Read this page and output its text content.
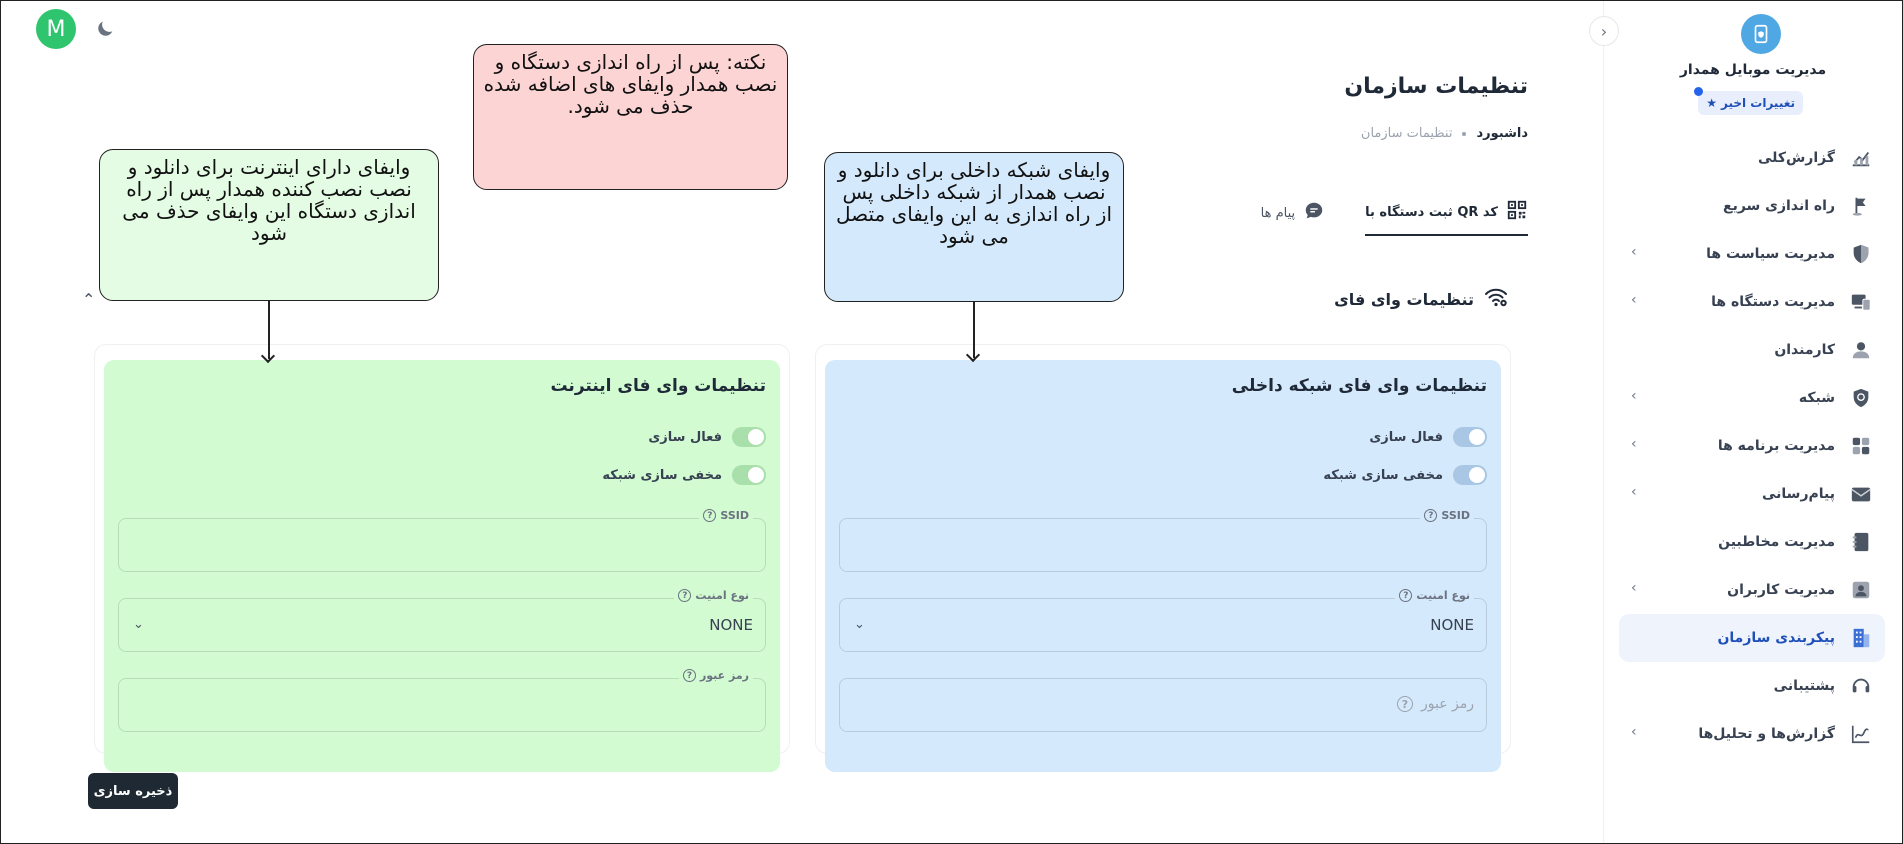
M	›
مدیریت موبایل همدار
★ تغییرات اخیر
گزارش‌کلی
راه اندازی سریع
مدیریت سیاست ها
‹
مدیریت دستگاه ها
‹
کارمندان
شبکه
‹
مدیریت برنامه ها
‹
پیام‌رسانی
‹
مدیریت مخاطبین
مدیریت کاربران
‹
پیکربندی سازمان
پشتیبانی
گزارش‌ها و تحلیل‌ها
‹
تنظیمات سازمان
داشبورد
تنظیمات سازمان
ثبت دستگاه با QR کد
پیام ها
تنظیمات وای فای
⌃
تنظیمات وای فای شبکه داخلی
فعال سازی
مخفی سازی شبکه
SSID
?
نوع امنیت
?
NONE
⌄
رمز عبور
?
تنظیمات وای فای اینترنت
فعال سازی
مخفی سازی شبکه
SSID
?
نوع امنیت
?
NONE
⌄
رمز عبور
?
ذخیره سازی
نکته: پس از راه اندازی دستگاه و نصب همدار وایفای های اضافه شده حذف می شود.
وایفای شبکه داخلی برای دانلود و نصب همدار از شبکه داخلی پس از راه اندازی به این وایفای متصل می شود
وایفای دارای اینترنت برای دانلود و نصب نصب کننده همدار پس از راه اندازی دستگاه این وایفای حذف می شود
